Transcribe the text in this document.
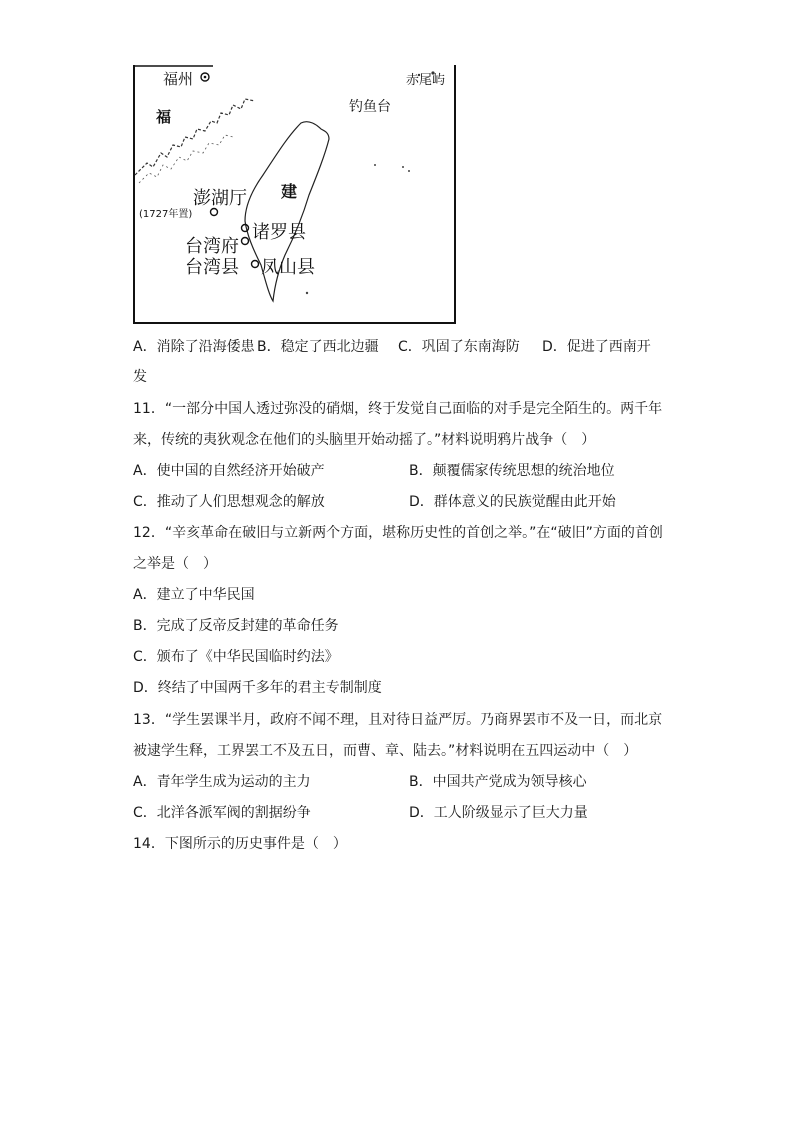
福州	赤尾屿
福
钓鱼台
澎湖厅 建
(1727年置)
诸罗县
台湾府
台湾县 凤山县
A．消除了沿海倭患 B．稳定了西北边疆 C．巩固了东南海防 D．促进了西南开
发
11．“一部分中国人透过弥没的硝烟，终于发觉自己面临的对手是完全陌生的。两千年
来，传统的夷狄观念在他们的头脑里开始动摇了。”材料说明鸦片战争（　）
A．使中国的自然经济开始破产	B．颠覆儒家传统思想的统治地位
C．推动了人们思想观念的解放	D．群体意义的民族觉醒由此开始
12．“辛亥革命在破旧与立新两个方面，堪称历史性的首创之举。”在“破旧”方面的首创
之举是（　）
A．建立了中华民国
B．完成了反帝反封建的革命任务
C．颁布了《中华民国临时约法》
D．终结了中国两千多年的君主专制制度
13．“学生罢课半月，政府不闻不理，且对待日益严厉。乃商界罢市不及一日，而北京
被逮学生释，工界罢工不及五日，而曹、章、陆去。”材料说明在五四运动中（　）
A．青年学生成为运动的主力	B．中国共产党成为领导核心
C．北洋各派军阀的割据纷争	D．工人阶级显示了巨大力量
14．下图所示的历史事件是（　）
